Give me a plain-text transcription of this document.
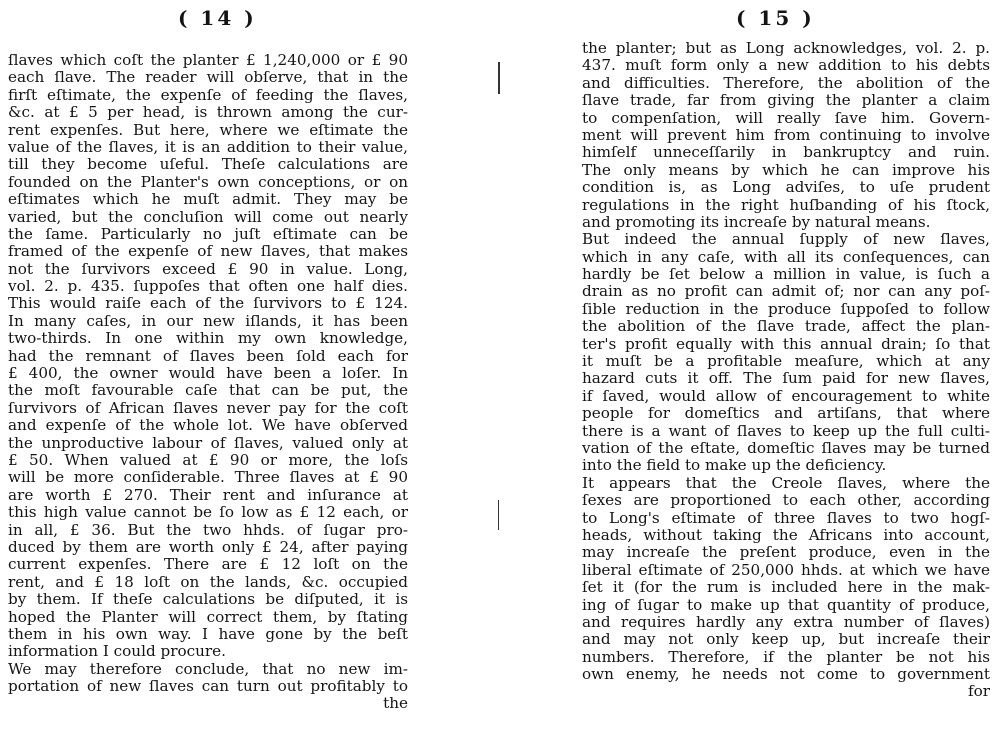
( 14 )
ſlaves which coſt the planter £ 1,240,000 or £ 90
each ſlave. The reader will obſerve, that in the
firſt eſtimate, the expenſe of feeding the ſlaves,
&c. at £ 5 per head, is thrown among the cur-
rent expenſes. But here, where we eſtimate the
value of the ſlaves, it is an addition to their value,
till they become uſeful. Theſe calculations are
founded on the Planter's own conceptions, or on
eſtimates which he muſt admit. They may be
varied, but the concluſion will come out nearly
the ſame. Particularly no juſt eſtimate can be
framed of the expenſe of new ſlaves, that makes
not the ſurvivors exceed £ 90 in value. Long,
vol. 2. p. 435. ſuppoſes that often one half dies.
This would raiſe each of the ſurvivors to £ 124.
In many caſes, in our new iſlands, it has been
two-thirds. In one within my own knowledge,
had the remnant of ſlaves been ſold each for
£ 400, the owner would have been a loſer. In
the moſt favourable caſe that can be put, the
ſurvivors of African ſlaves never pay for the coſt
and expenſe of the whole lot. We have obſerved
the unproductive labour of ſlaves, valued only at
£ 50. When valued at £ 90 or more, the loſs
will be more conſiderable. Three ſlaves at £ 90
are worth £ 270. Their rent and inſurance at
this high value cannot be ſo low as £ 12 each, or
in all, £ 36. But the two hhds. of ſugar pro-
duced by them are worth only £ 24, after paying
current expenſes. There are £ 12 loſt on the
rent, and £ 18 loſt on the lands, &c. occupied
by them. If theſe calculations be diſputed, it is
hoped the Planter will correct them, by ſtating
them in his own way. I have gone by the beſt
information I could procure.
We may therefore conclude, that no new im-
portation of new ſlaves can turn out profitably to
the
( 15 )
the planter; but as Long acknowledges, vol. 2. p.
437. muſt form only a new addition to his debts
and difficulties. Therefore, the abolition of the
ſlave trade, far from giving the planter a claim
to compenſation, will really ſave him. Govern-
ment will prevent him from continuing to involve
himſelf unneceſſarily in bankruptcy and ruin.
The only means by which he can improve his
condition is, as Long adviſes, to uſe prudent
regulations in the right huſbanding of his ſtock,
and promoting its increaſe by natural means.
But indeed the annual ſupply of new ſlaves,
which in any caſe, with all its conſequences, can
hardly be ſet below a million in value, is ſuch a
drain as no profit can admit of; nor can any poſ-
ſible reduction in the produce ſuppoſed to follow
the abolition of the ſlave trade, affect the plan-
ter's profit equally with this annual drain; ſo that
it muſt be a profitable meaſure, which at any
hazard cuts it off. The ſum paid for new ſlaves,
if ſaved, would allow of encouragement to white
people for domeſtics and artiſans, that where
there is a want of ſlaves to keep up the full culti-
vation of the eſtate, domeſtic ſlaves may be turned
into the field to make up the deficiency.
It appears that the Creole ſlaves, where the
ſexes are proportioned to each other, according
to Long's eſtimate of three ſlaves to two hogſ-
heads, without taking the Africans into account,
may increaſe the preſent produce, even in the
liberal eſtimate of 250,000 hhds. at which we have
ſet it (for the rum is included here in the mak-
ing of ſugar to make up that quantity of produce,
and requires hardly any extra number of ſlaves)
and may not only keep up, but increaſe their
numbers. Therefore, if the planter be not his
own enemy, he needs not come to government
for
